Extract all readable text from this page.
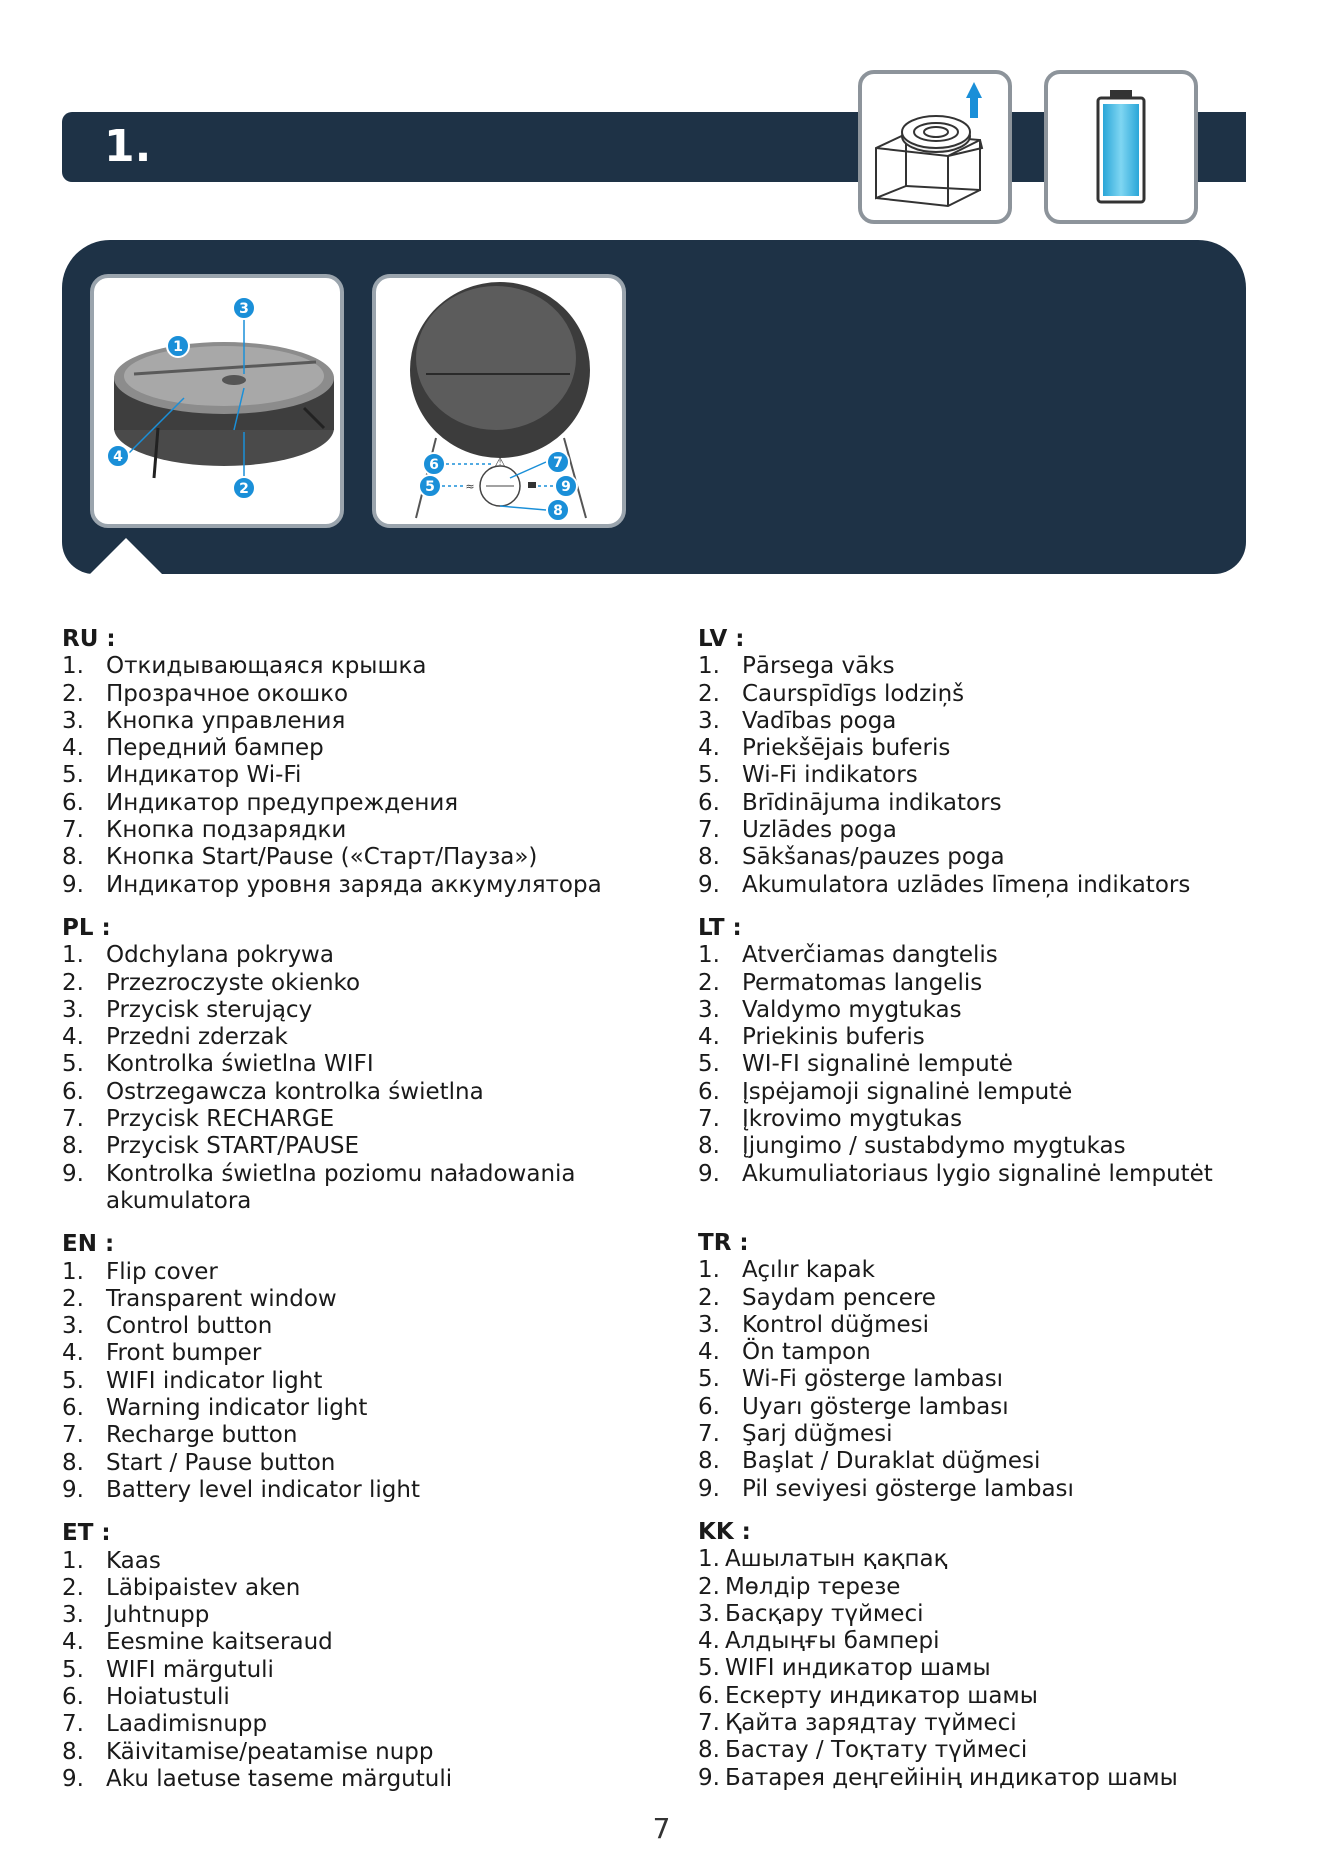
1.
1
2
3
4	⚠
≈
5
6	7
8
9
RU :
1. Откидывающаяся крышка
2. Прозрачное окошко
3. Кнопка управления
4. Передний бампер
5. Индикатор Wi-Fi
6. Индикатор предупреждения
7. Кнопка подзарядки
8. Кнопка Start/Pause («Старт/Пауза»)
9. Индикатор уровня заряда аккумулятора
PL :
1. Odchylana pokrywa
2. Przezroczyste okienko
3. Przycisk sterujący
4. Przedni zderzak
5. Kontrolka świetlna WIFI
6. Ostrzegawcza kontrolka świetlna
7. Przycisk RECHARGE
8. Przycisk START/PAUSE
9. Kontrolka świetlna poziomu naładowania akumulatora
EN :
1. Flip cover
2. Transparent window
3. Control button
4. Front bumper
5. WIFI indicator light
6. Warning indicator light
7. Recharge button
8. Start / Pause button
9. Battery level indicator light
ET :
1. Kaas
2. Läbipaistev aken
3. Juhtnupp
4. Eesmine kaitseraud
5. WIFI märgutuli
6. Hoiatustuli
7. Laadimisnupp
8. Käivitamise/peatamise nupp
9. Aku laetuse taseme märgutuli
LV :
1. Pārsega vāks
2. Caurspīdīgs lodziņš
3. Vadības poga
4. Priekšējais buferis
5. Wi-Fi indikators
6. Brīdinājuma indikators
7. Uzlādes poga
8. Sākšanas/pauzes poga
9. Akumulatora uzlādes līmeņa indikators
LT :
1. Atverčiamas dangtelis
2. Permatomas langelis
3. Valdymo mygtukas
4. Priekinis buferis
5. WI-FI signalinė lemputė
6. Įspėjamoji signalinė lemputė
7. Įkrovimo mygtukas
8. Įjungimo / sustabdymo mygtukas
9. Akumuliatoriaus lygio signalinė lemputėt
TR :
1. Açılır kapak
2. Saydam pencere
3. Kontrol düğmesi
4. Ön tampon
5. Wi-Fi gösterge lambası
6. Uyarı gösterge lambası
7. Şarj düğmesi
8. Başlat / Duraklat düğmesi
9. Pil seviyesi gösterge lambası
KK :
1. Ашылатын қақпақ
2. Мөлдір терезе
3. Басқару түймесі
4. Алдыңғы бампері
5. WIFI индикатор шамы
6. Ескерту индикатор шамы
7. Қайта зарядтау түймесі
8. Бастау / Тоқтату түймесі
9. Батарея деңгейінің индикатор шамы
7
